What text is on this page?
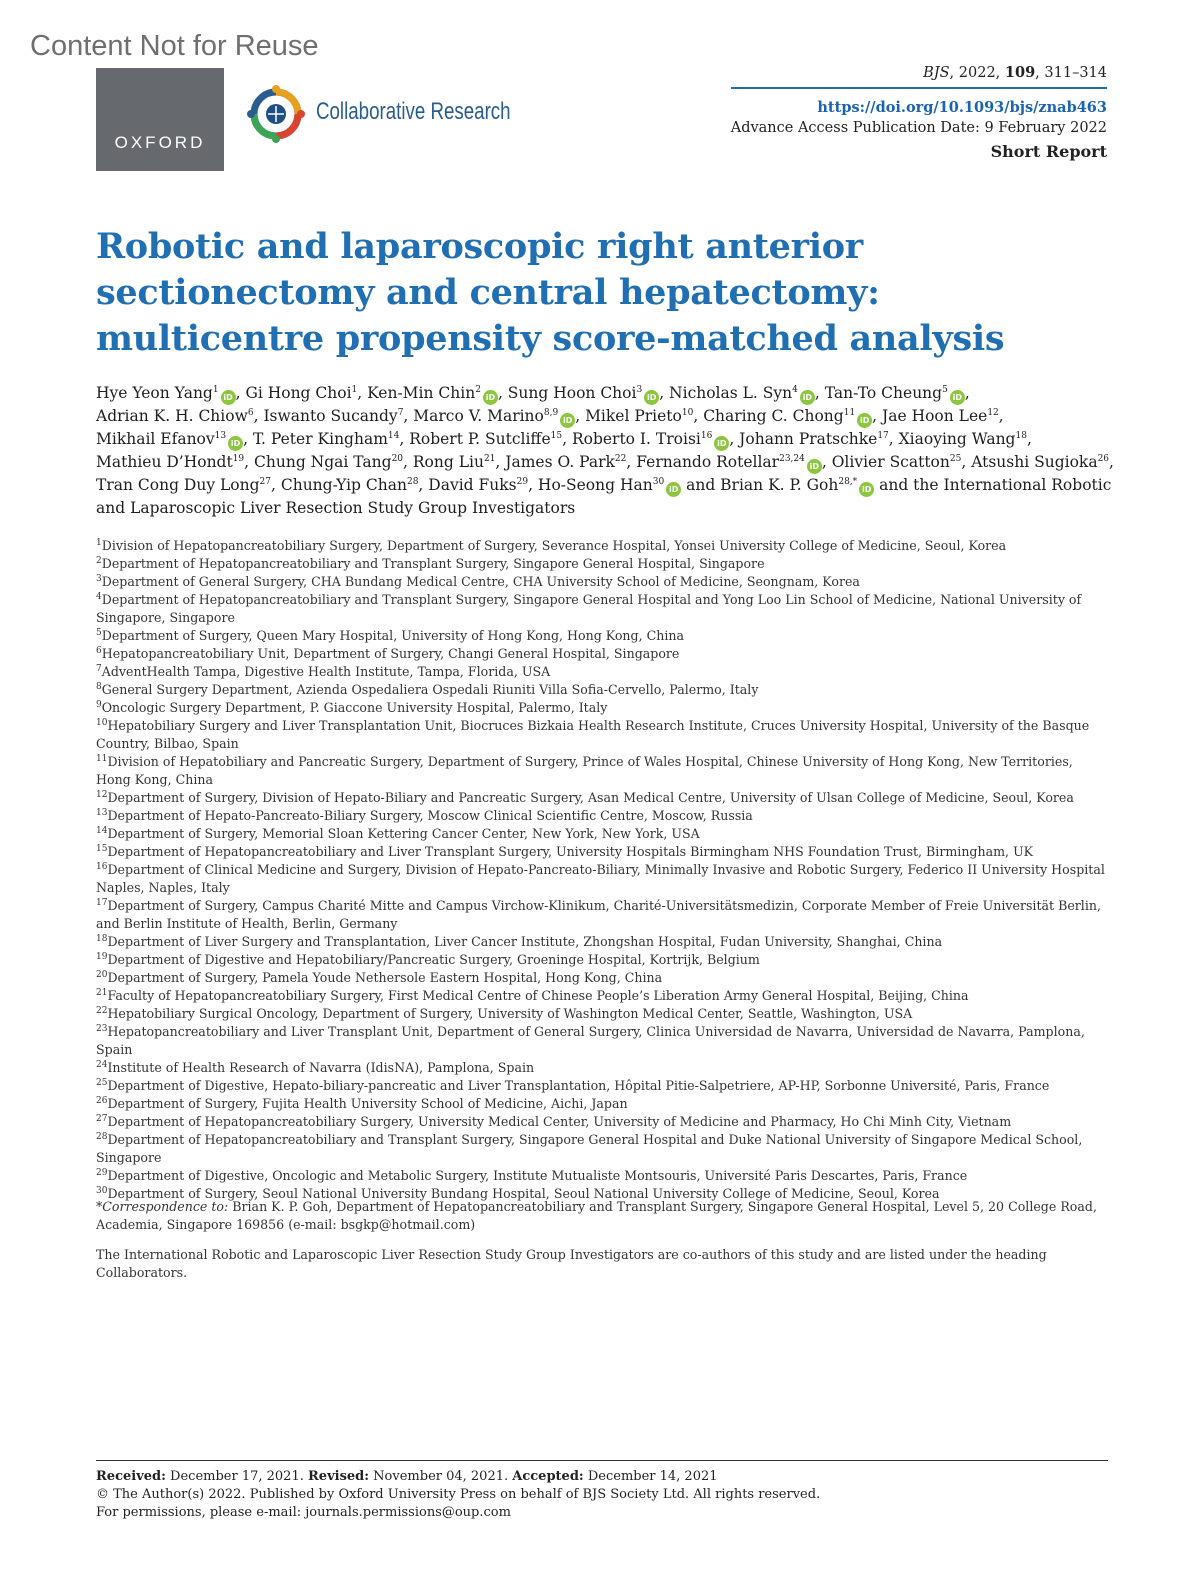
Content Not for Reuse
OXFORD
Collaborative Research
BJS, 2022, 109, 311–314
https://doi.org/10.1093/bjs/znab463
Advance Access Publication Date: 9 February 2022
Short Report
Robotic and laparoscopic right anterior sectionectomy and central hepatectomy: multicentre propensity score-matched analysis
Hye Yeon Yang$^1$iD , Gi Hong Choi$^1$, Ken-Min Chin$^2$iD , Sung Hoon Choi$^3$iD , Nicholas L. Syn$^4$iD , Tan-To Cheung$^5$iD ,
Adrian K. H. Chiow$^6$, Iswanto Sucandy$^7$, Marco V. Marino$^{8,9}$iD , Mikel Prieto$^{10}$, Charing C. Chong$^{11}$iD , Jae Hoon Lee$^{12}$,
Mikhail Efanov$^{13}$iD , T. Peter Kingham$^{14}$, Robert P. Sutcliffe$^{15}$, Roberto I. Troisi$^{16}$iD , Johann Pratschke$^{17}$, Xiaoying Wang$^{18}$,
Mathieu D’Hondt$^{19}$, Chung Ngai Tang$^{20}$, Rong Liu$^{21}$, James O. Park$^{22}$, Fernando Rotellar$^{23,24}$iD , Olivier Scatton$^{25}$, Atsushi Sugioka$^{26}$,
Tran Cong Duy Long$^{27}$, Chung-Yip Chan$^{28}$, David Fuks$^{29}$, Ho-Seong Han$^{30}$iD and Brian K. P. Goh$^{28,*}$iD and the International Robotic
and Laparoscopic Liver Resection Study Group Investigators
$^1$Division of Hepatopancreatobiliary Surgery, Department of Surgery, Severance Hospital, Yonsei University College of Medicine, Seoul, Korea
$^2$Department of Hepatopancreatobiliary and Transplant Surgery, Singapore General Hospital, Singapore
$^3$Department of General Surgery, CHA Bundang Medical Centre, CHA University School of Medicine, Seongnam, Korea
$^4$Department of Hepatopancreatobiliary and Transplant Surgery, Singapore General Hospital and Yong Loo Lin School of Medicine, National University of Singapore, Singapore
$^5$Department of Surgery, Queen Mary Hospital, University of Hong Kong, Hong Kong, China
$^6$Hepatopancreatobiliary Unit, Department of Surgery, Changi General Hospital, Singapore
$^7$AdventHealth Tampa, Digestive Health Institute, Tampa, Florida, USA
$^8$General Surgery Department, Azienda Ospedaliera Ospedali Riuniti Villa Sofia-Cervello, Palermo, Italy
$^9$Oncologic Surgery Department, P. Giaccone University Hospital, Palermo, Italy
$^{10}$Hepatobiliary Surgery and Liver Transplantation Unit, Biocruces Bizkaia Health Research Institute, Cruces University Hospital, University of the Basque Country, Bilbao, Spain
$^{11}$Division of Hepatobiliary and Pancreatic Surgery, Department of Surgery, Prince of Wales Hospital, Chinese University of Hong Kong, New Territories, Hong Kong, China
$^{12}$Department of Surgery, Division of Hepato-Biliary and Pancreatic Surgery, Asan Medical Centre, University of Ulsan College of Medicine, Seoul, Korea
$^{13}$Department of Hepato-Pancreato-Biliary Surgery, Moscow Clinical Scientific Centre, Moscow, Russia
$^{14}$Department of Surgery, Memorial Sloan Kettering Cancer Center, New York, New York, USA
$^{15}$Department of Hepatopancreatobiliary and Liver Transplant Surgery, University Hospitals Birmingham NHS Foundation Trust, Birmingham, UK
$^{16}$Department of Clinical Medicine and Surgery, Division of Hepato-Pancreato-Biliary, Minimally Invasive and Robotic Surgery, Federico II University Hospital Naples, Naples, Italy
$^{17}$Department of Surgery, Campus Charité Mitte and Campus Virchow-Klinikum, Charité-Universitätsmedizin, Corporate Member of Freie Universität Berlin, and Berlin Institute of Health, Berlin, Germany
$^{18}$Department of Liver Surgery and Transplantation, Liver Cancer Institute, Zhongshan Hospital, Fudan University, Shanghai, China
$^{19}$Department of Digestive and Hepatobiliary/Pancreatic Surgery, Groeninge Hospital, Kortrijk, Belgium
$^{20}$Department of Surgery, Pamela Youde Nethersole Eastern Hospital, Hong Kong, China
$^{21}$Faculty of Hepatopancreatobiliary Surgery, First Medical Centre of Chinese People’s Liberation Army General Hospital, Beijing, China
$^{22}$Hepatobiliary Surgical Oncology, Department of Surgery, University of Washington Medical Center, Seattle, Washington, USA
$^{23}$Hepatopancreatobiliary and Liver Transplant Unit, Department of General Surgery, Clinica Universidad de Navarra, Universidad de Navarra, Pamplona, Spain
$^{24}$Institute of Health Research of Navarra (IdisNA), Pamplona, Spain
$^{25}$Department of Digestive, Hepato-biliary-pancreatic and Liver Transplantation, Hôpital Pitie-Salpetriere, AP-HP, Sorbonne Université, Paris, France
$^{26}$Department of Surgery, Fujita Health University School of Medicine, Aichi, Japan
$^{27}$Department of Hepatopancreatobiliary Surgery, University Medical Center, University of Medicine and Pharmacy, Ho Chi Minh City, Vietnam
$^{28}$Department of Hepatopancreatobiliary and Transplant Surgery, Singapore General Hospital and Duke National University of Singapore Medical School, Singapore
$^{29}$Department of Digestive, Oncologic and Metabolic Surgery, Institute Mutualiste Montsouris, Université Paris Descartes, Paris, France
$^{30}$Department of Surgery, Seoul National University Bundang Hospital, Seoul National University College of Medicine, Seoul, Korea
*Correspondence to: Brian K. P. Goh, Department of Hepatopancreatobiliary and Transplant Surgery, Singapore General Hospital, Level 5, 20 College Road, Academia, Singapore 169856 (e-mail: bsgkp@hotmail.com)
The International Robotic and Laparoscopic Liver Resection Study Group Investigators are co-authors of this study and are listed under the heading Collaborators.
Received: December 17, 2021. Revised: November 04, 2021. Accepted: December 14, 2021
© The Author(s) 2022. Published by Oxford University Press on behalf of BJS Society Ltd. All rights reserved.
For permissions, please e-mail: journals.permissions@oup.com
